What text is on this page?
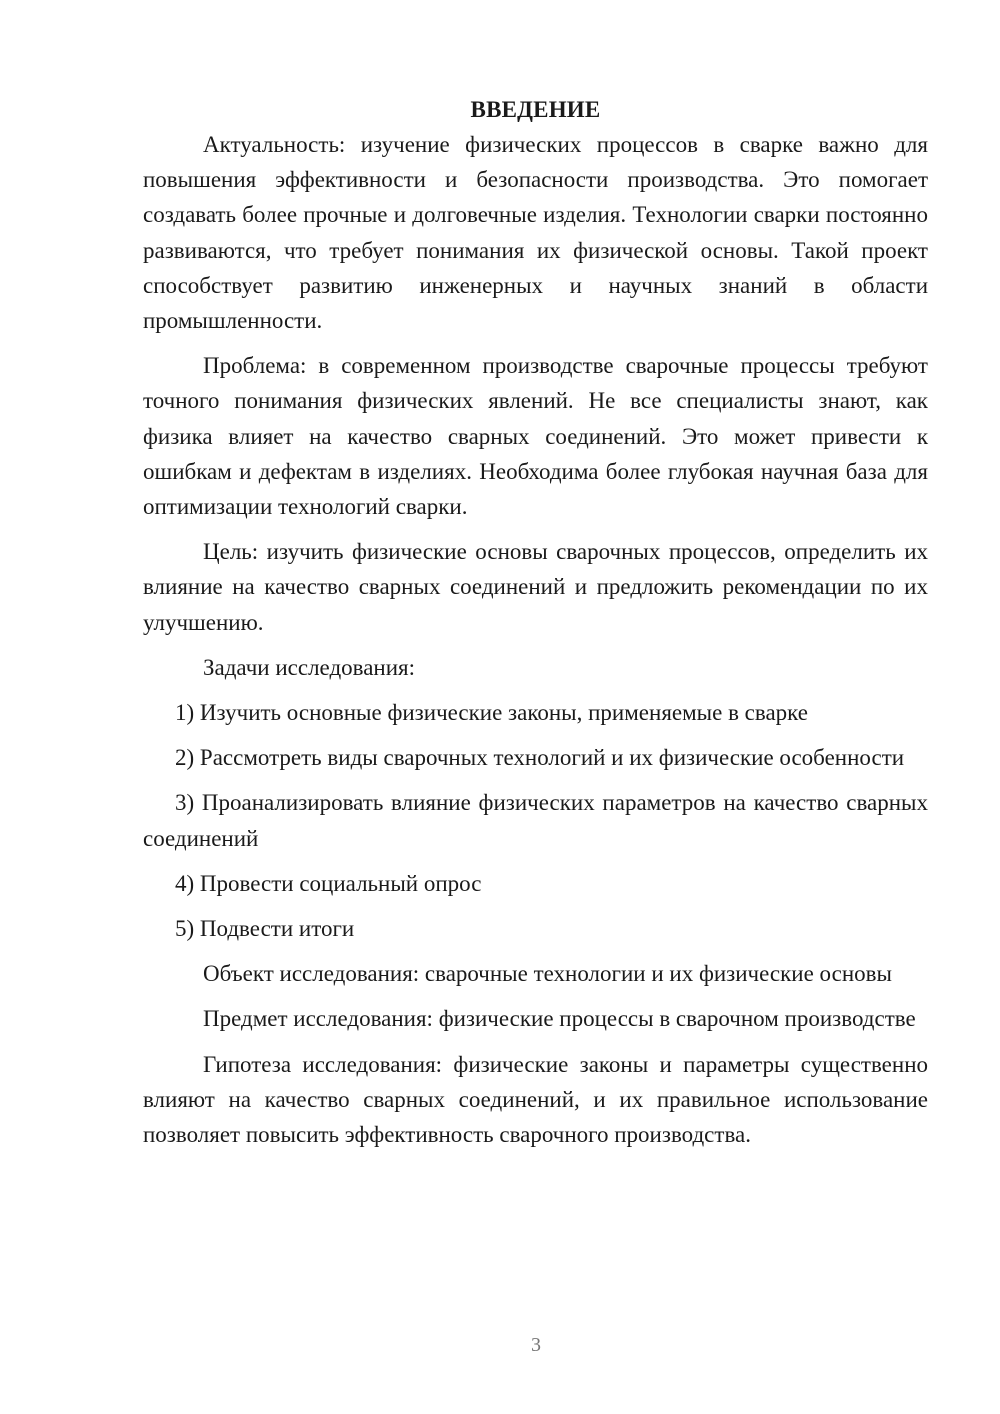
ВВЕДЕНИЕ

Актуальность: изучение физических процессов в сварке важно для повышения эффективности и безопасности производства. Это помогает создавать более прочные и долговечные изделия. Технологии сварки постоянно развиваются, что требует понимания их физической основы. Такой проект способствует развитию инженерных и научных знаний в области промышленности.

Проблема: в современном производстве сварочные процессы требуют точного понимания физических явлений. Не все специалисты знают, как физика влияет на качество сварных соединений. Это может привести к ошибкам и дефектам в изделиях. Необходима более глубокая научная база для оптимизации технологий сварки.

Цель: изучить физические основы сварочных процессов, определить их влияние на качество сварных соединений и предложить рекомендации по их улучшению.

Задачи исследования:

1) Изучить основные физические законы, применяемые в сварке

2) Рассмотреть виды сварочных технологий и их физические особенности

3) Проанализировать влияние физических параметров на качество сварных соединений

4) Провести социальный опрос

5) Подвести итоги

Объект исследования: сварочные технологии и их физические основы

Предмет исследования: физические процессы в сварочном производстве

Гипотеза исследования: физические законы и параметры существенно влияют на качество сварных соединений, и их правильное использование позволяет повысить эффективность сварочного производства.

3
